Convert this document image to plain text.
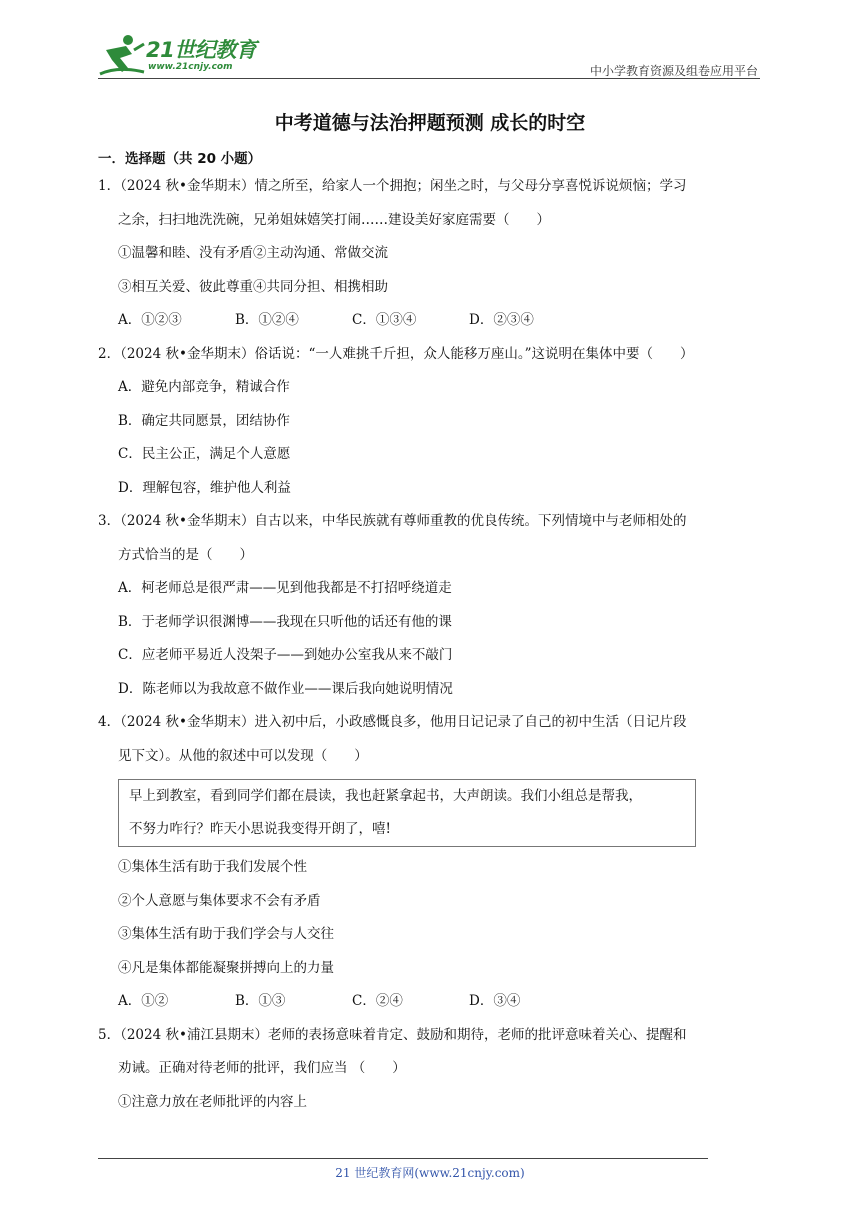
21世纪教育
www.21cnjy.com	中小学教育资源及组卷应用平台
中考道德与法治押题预测 成长的时空
一．选择题（共 20 小题）
1．（2024 秋•金华期末）情之所至，给家人一个拥抱；闲坐之时，与父母分享喜悦诉说烦恼；学习
之余，扫扫地洗洗碗，兄弟姐妹嬉笑打闹……建设美好家庭需要（　　）
①温馨和睦、没有矛盾②主动沟通、常做交流
③相互关爱、彼此尊重④共同分担、相携相助
A．①②③	B．①②④	C．①③④	D．②③④
2．（2024 秋•金华期末）俗话说：“一人难挑千斤担，众人能移万座山。”这说明在集体中要（　　）
A．避免内部竞争，精诚合作
B．确定共同愿景，团结协作
C．民主公正，满足个人意愿
D．理解包容，维护他人利益
3．（2024 秋•金华期末）自古以来，中华民族就有尊师重教的优良传统。下列情境中与老师相处的
方式恰当的是（　　）
A．柯老师总是很严肃——见到他我都是不打招呼绕道走
B．于老师学识很渊博——我现在只听他的话还有他的课
C．应老师平易近人没架子——到她办公室我从来不敲门
D．陈老师以为我故意不做作业——课后我向她说明情况
4．（2024 秋•金华期末）进入初中后，小政感慨良多，他用日记记录了自己的初中生活（日记片段
见下文）。从他的叙述中可以发现（　　）
早上到教室，看到同学们都在晨读，我也赶紧拿起书，大声朗读。我们小组总是帮我，
不努力咋行？昨天小思说我变得开朗了，嘻!
①集体生活有助于我们发展个性
②个人意愿与集体要求不会有矛盾
③集体生活有助于我们学会与人交往
④凡是集体都能凝聚拼搏向上的力量
A．①②	B．①③	C．②④	D．③④
5．（2024 秋•浦江县期末）老师的表扬意味着肯定、鼓励和期待，老师的批评意味着关心、提醒和
劝诫。正确对待老师的批评，我们应当 （　　）
①注意力放在老师批评的内容上
21 世纪教育网(www.21cnjy.com)
